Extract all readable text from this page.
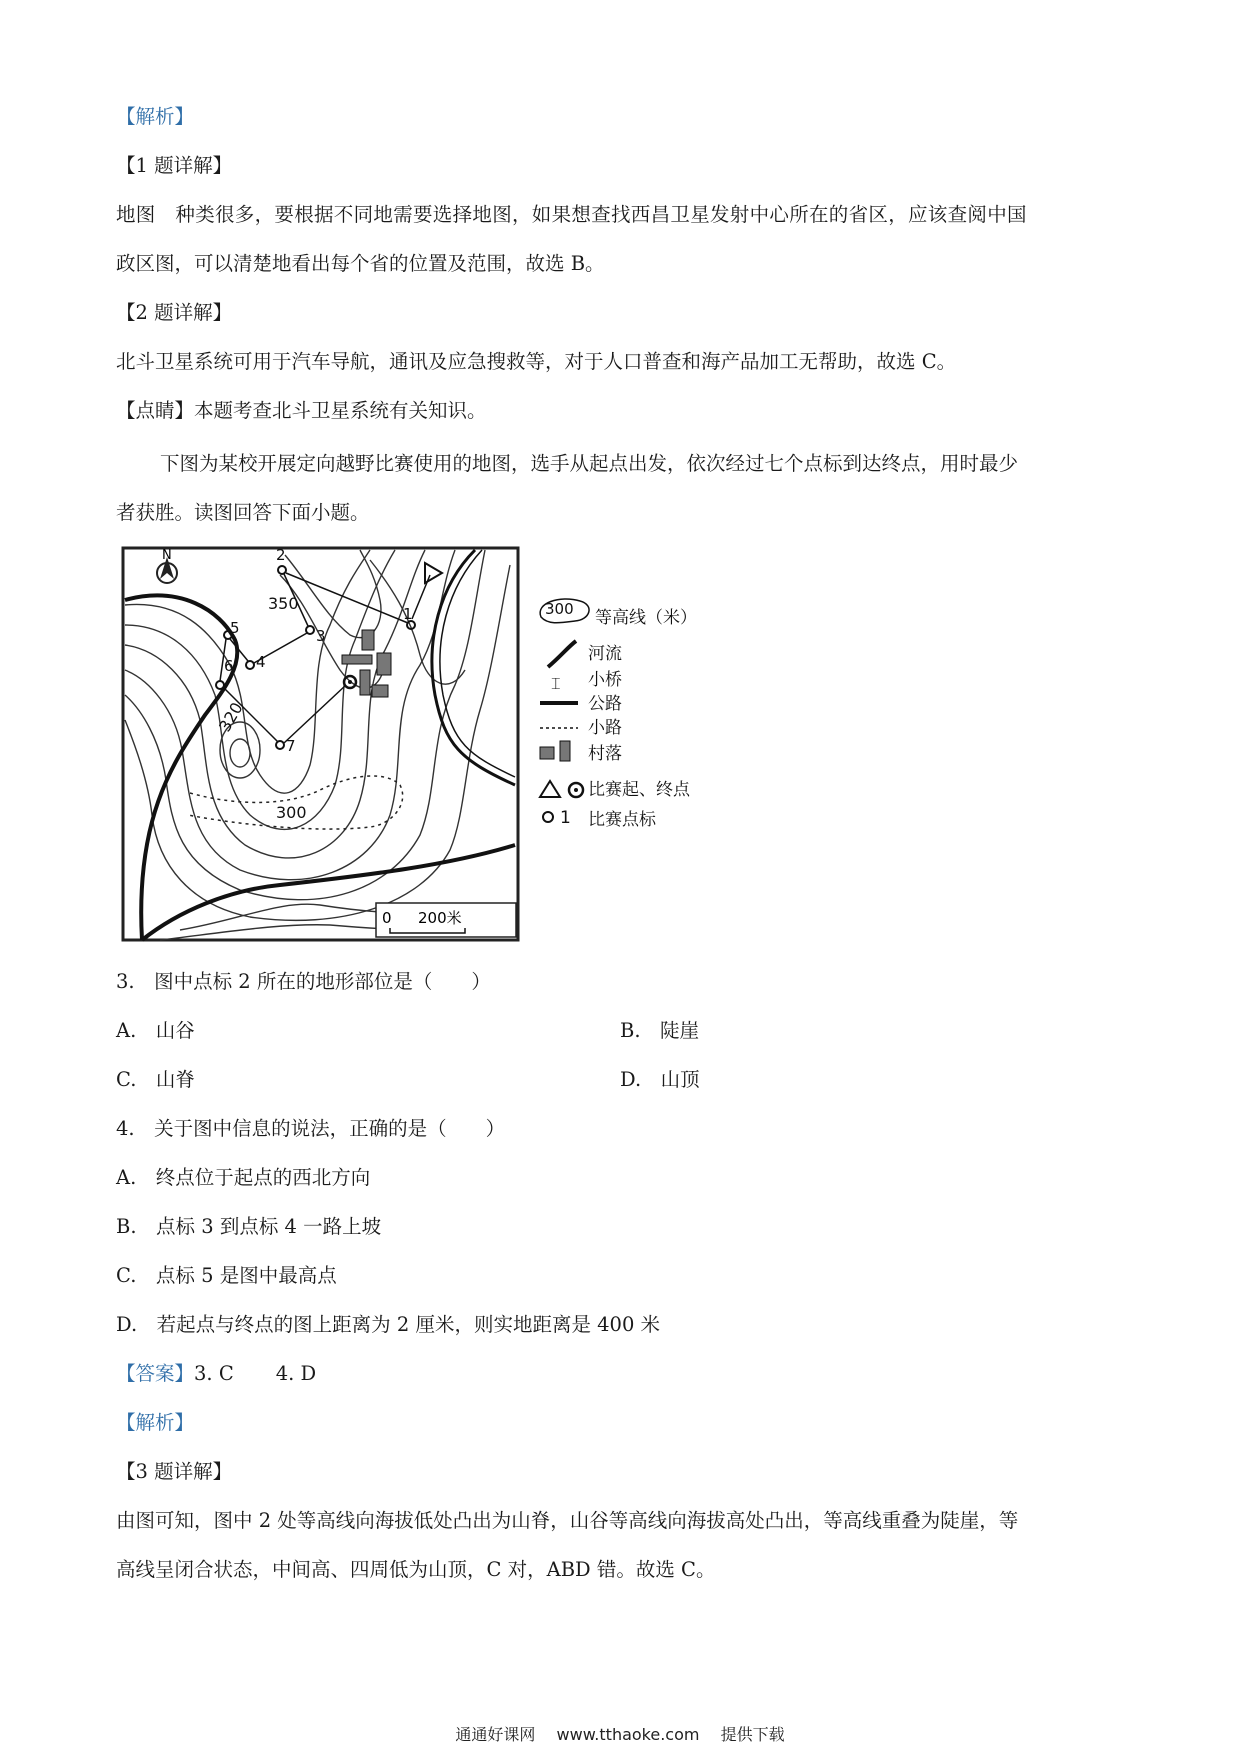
【解析】
【1 题详解】
地图　种类很多，要根据不同地需要选择地图，如果想查找西昌卫星发射中心所在的省区，应该查阅中国
政区图，可以清楚地看出每个省的位置及范围，故选 B。
【2 题详解】
北斗卫星系统可用于汽车导航，通讯及应急搜救等，对于人口普查和海产品加工无帮助，故选 C。
【点睛】本题考查北斗卫星系统有关知识。
下图为某校开展定向越野比赛使用的地图，选手从起点出发，依次经过七个点标到达终点，用时最少
者获胜。读图回答下面小题。
N
1
2
3
4
5
6
7
350
320
300
0 200米
300 等高线（米）
河流
⌶ 小桥
公路
小路
村落
比赛起、终点
1 比赛点标
3.　图中点标 2 所在的地形部位是（　　）
A.　山谷	B.　陡崖
C.　山脊	D.　山顶
4.　关于图中信息的说法，正确的是（　　）
A.　终点位于起点的西北方向
B.　点标 3 到点标 4 一路上坡
C.　点标 5 是图中最高点
D.　若起点与终点的图上距离为 2 厘米，则实地距离是 400 米
【答案】3. C 4. D
【解析】
【3 题详解】
由图可知，图中 2 处等高线向海拔低处凸出为山脊，山谷等高线向海拔高处凸出，等高线重叠为陡崖，等
高线呈闭合状态，中间高、四周低为山顶，C 对，ABD 错。故选 C。
通通好课网 www.tthaoke.com 提供下载
